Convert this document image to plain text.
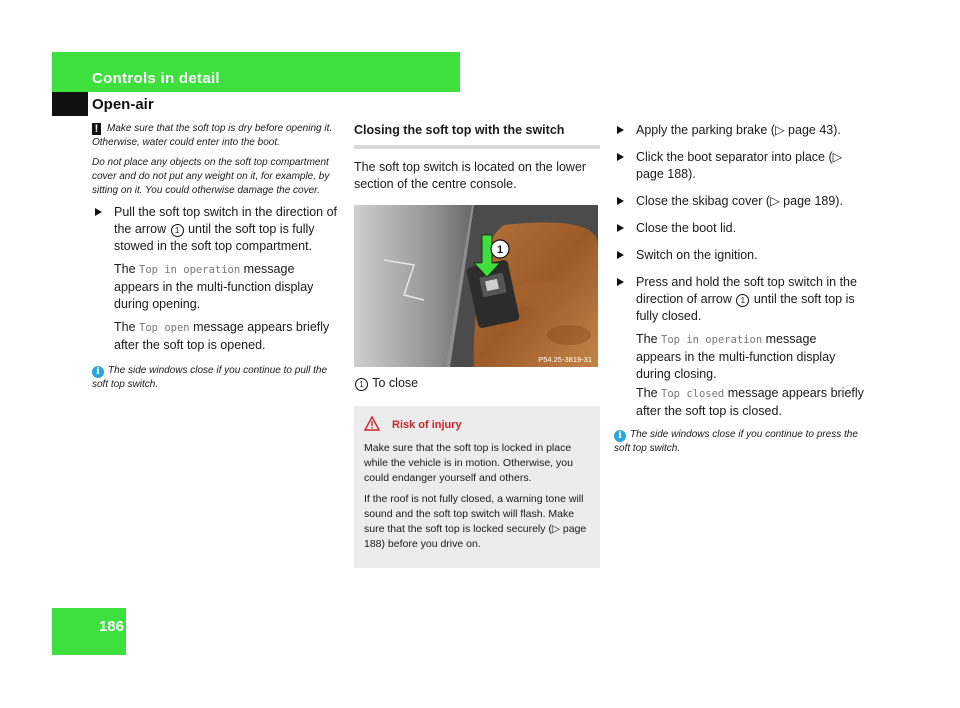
Controls in detail
Open-air
186

! Make sure that the soft top is dry before opening it. Otherwise, water could enter into the boot.

Do not place any objects on the soft top compartment cover and do not put any weight on it, for example, by sitting on it. You could otherwise damage the cover.

Pull the soft top switch in the direction of the arrow 1 until the soft top is fully stowed in the soft top compartment.

The Top in operation message appears in the multi-function display during opening.

The Top open message appears briefly after the soft top is opened.

i The side windows close if you continue to pull the soft top switch.

Closing the soft top with the switch
The soft top switch is located on the lower section of the centre console.
1
P54.25-3819-31
1 To close
Risk of injury

Make sure that the soft top is locked in place while the vehicle is in motion. Otherwise, you could endanger yourself and others.

If the roof is not fully closed, a warning tone will sound and the soft top switch will flash. Make sure that the soft top is locked securely (▷ page 188) before you drive on.

Apply the parking brake (▷ page 43).
Click the boot separator into place (▷ page 188).
Close the skibag cover (▷ page 189).
Close the boot lid.
Switch on the ignition.
Press and hold the soft top switch in the direction of arrow 1 until the soft top is fully closed.

The Top in operation message appears in the multi-function display during closing.

The Top closed message appears briefly after the soft top is closed.

i The side windows close if you continue to press the soft top switch.
